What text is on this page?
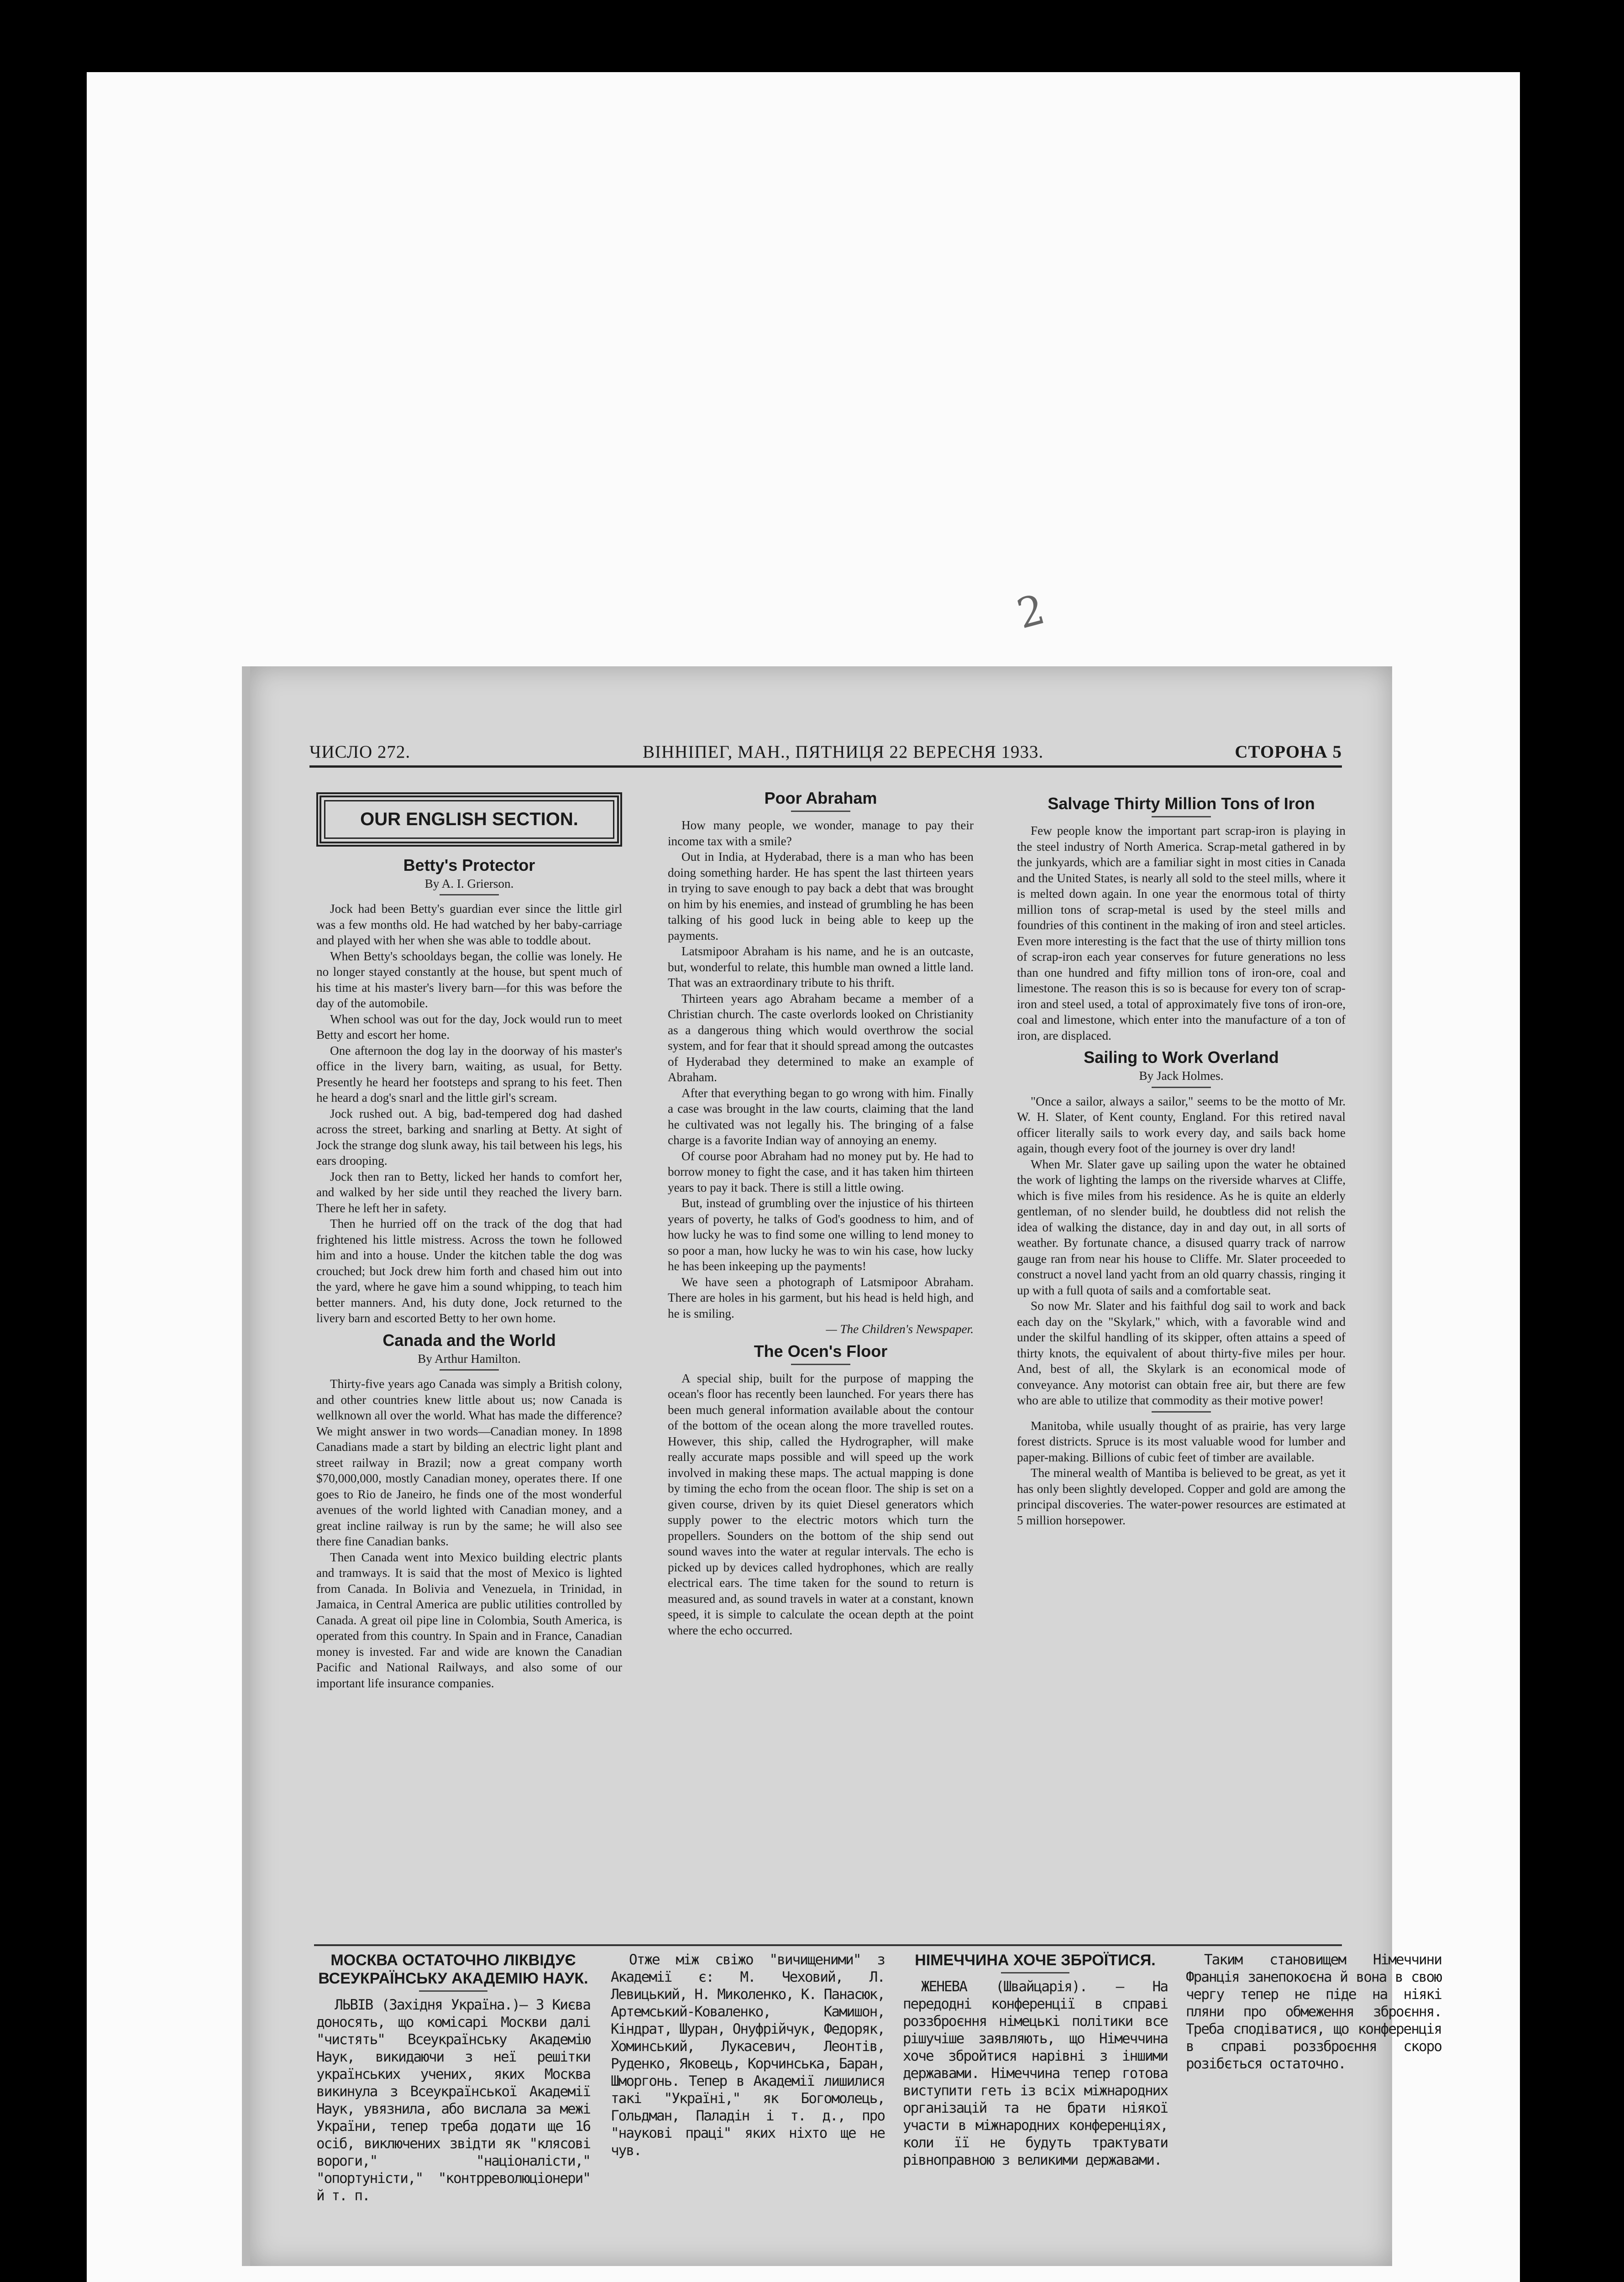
2
ЧИСЛО 272.	ВІННІПЕГ, МАН., ПЯТНИЦЯ 22 ВЕРЕСНЯ 1933.	СТОРОНА 5
OUR ENGLISH SECTION.
Betty's Protector

By A. I. Grierson.

Jock had been Betty's guardian ever since the little girl was a few months old. He had watched by her baby-carriage and played with her when she was able to toddle about.

When Betty's schooldays began, the collie was lonely. He no longer stayed constantly at the house, but spent much of his time at his master's livery barn—for this was before the day of the automobile.

When school was out for the day, Jock would run to meet Betty and escort her home.

One afternoon the dog lay in the doorway of his master's office in the livery barn, waiting, as usual, for Betty. Presently he heard her footsteps and sprang to his feet. Then he heard a dog's snarl and the little girl's scream.

Jock rushed out. A big, bad-tempered dog had dashed across the street, barking and snarling at Betty. At sight of Jock the strange dog slunk away, his tail between his legs, his ears drooping.

Jock then ran to Betty, licked her hands to comfort her, and walked by her side until they reached the livery barn. There he left her in safety.

Then he hurried off on the track of the dog that had frightened his little mistress. Across the town he followed him and into a house. Under the kitchen table the dog was crouched; but Jock drew him forth and chased him out into the yard, where he gave him a sound whipping, to teach him better manners. And, his duty done, Jock returned to the livery barn and escorted Betty to her own home.

Canada and the World

By Arthur Hamilton.

Thirty-five years ago Canada was simply a British colony, and other countries knew little about us; now Canada is wellknown all over the world. What has made the difference? We might answer in two words—Canadian money. In 1898 Canadians made a start by bilding an electric light plant and street railway in Brazil; now a great company worth $70,000,000, mostly Canadian money, operates there. If one goes to Rio de Janeiro, he finds one of the most wonderful avenues of the world lighted with Canadian money, and a great incline railway is run by the same; he will also see there fine Canadian banks.

Then Canada went into Mexico building electric plants and tramways. It is said that the most of Mexico is lighted from Canada. In Bolivia and Venezuela, in Trinidad, in Jamaica, in Central America are public utilities controlled by Canada. A great oil pipe line in Colombia, South America, is operated from this country. In Spain and in France, Canadian money is invested. Far and wide are known the Canadian Pacific and National Railways, and also some of our important life insurance companies.

Poor Abraham

How many people, we wonder, manage to pay their income tax with a smile?

Out in India, at Hyderabad, there is a man who has been doing something harder. He has spent the last thirteen years in trying to save enough to pay back a debt that was brought on him by his enemies, and instead of grumbling he has been talking of his good luck in being able to keep up the payments.

Latsmipoor Abraham is his name, and he is an outcaste, but, wonderful to relate, this humble man owned a little land. That was an extraordinary tribute to his thrift.

Thirteen years ago Abraham became a member of a Christian church. The caste overlords looked on Christianity as a dangerous thing which would overthrow the social system, and for fear that it should spread among the outcastes of Hyderabad they determined to make an example of Abraham.

After that everything began to go wrong with him. Finally a case was brought in the law courts, claiming that the land he cultivated was not legally his. The bringing of a false charge is a favorite Indian way of annoying an enemy.

Of course poor Abraham had no money put by. He had to borrow money to fight the case, and it has taken him thirteen years to pay it back. There is still a little owing.

But, instead of grumbling over the injustice of his thirteen years of poverty, he talks of God's goodness to him, and of how lucky he was to find some one willing to lend money to so poor a man, how lucky he was to win his case, how lucky he has been inkeeping up the payments!

We have seen a photograph of Latsmipoor Abraham. There are holes in his garment, but his head is held high, and he is smiling.

— The Children's Newspaper.

The Ocen's Floor

A special ship, built for the purpose of mapping the ocean's floor has recently been launched. For years there has been much general information available about the contour of the bottom of the ocean along the more travelled routes. However, this ship, called the Hydrographer, will make really accurate maps possible and will speed up the work involved in making these maps. The actual mapping is done by timing the echo from the ocean floor. The ship is set on a given course, driven by its quiet Diesel generators which supply power to the electric motors which turn the propellers. Sounders on the bottom of the ship send out sound waves into the water at regular intervals. The echo is picked up by devices called hydrophones, which are really electrical ears. The time taken for the sound to return is measured and, as sound travels in water at a constant, known speed, it is simple to calculate the ocean depth at the point where the echo occurred.

Salvage Thirty Million Tons of Iron

Few people know the important part scrap-iron is playing in the steel industry of North America. Scrap-metal gathered in by the junkyards, which are a familiar sight in most cities in Canada and the United States, is nearly all sold to the steel mills, where it is melted down again. In one year the enormous total of thirty million tons of scrap-metal is used by the steel mills and foundries of this continent in the making of iron and steel articles. Even more interesting is the fact that the use of thirty million tons of scrap-iron each year conserves for future generations no less than one hundred and fifty million tons of iron-ore, coal and limestone. The reason this is so is because for every ton of scrap-iron and steel used, a total of approximately five tons of iron-ore, coal and limestone, which enter into the manufacture of a ton of iron, are displaced.

Sailing to Work Overland

By Jack Holmes.

"Once a sailor, always a sailor," seems to be the motto of Mr. W. H. Slater, of Kent county, England. For this retired naval officer literally sails to work every day, and sails back home again, though every foot of the journey is over dry land!

When Mr. Slater gave up sailing upon the water he obtained the work of lighting the lamps on the riverside wharves at Cliffe, which is five miles from his residence. As he is quite an elderly gentleman, of no slender build, he doubtless did not relish the idea of walking the distance, day in and day out, in all sorts of weather. By fortunate chance, a disused quarry track of narrow gauge ran from near his house to Cliffe. Mr. Slater proceeded to construct a novel land yacht from an old quarry chassis, ringing it up with a full quota of sails and a comfortable seat.

So now Mr. Slater and his faithful dog sail to work and back each day on the "Skylark," which, with a favorable wind and under the skilful handling of its skipper, often attains a speed of thirty knots, the equivalent of about thirty-five miles per hour. And, best of all, the Skylark is an economical mode of conveyance. Any motorist can obtain free air, but there are few who are able to utilize that commodity as their motive power!

Manitoba, while usually thought of as prairie, has very large forest districts. Spruce is its most valuable wood for lumber and paper-making. Billions of cubic feet of timber are available.

The mineral wealth of Mantiba is believed to be great, as yet it has only been slightly developed. Copper and gold are among the principal discoveries. The water-power resources are estimated at 5 million horsepower.

МОСКВА ОСТАТОЧНО ЛІКВІДУЄ ВСЕУКРАЇНСЬКУ АКАДЕМІЮ НАУК.

ЛЬВІВ (Західня Україна.)— З Києва доносять, що комісарі Москви далі "чистять" Всеукраїнську Академію Наук, викидаючи з неї решітки українських учених, яких Москва викинула з Всеукраїнської Академії Наук, увязнила, або вислала за межі України, тепер треба додати ще 16 осіб, виключених звідти як "клясові вороги," "націоналісти," "опортуністи," "контрреволюціонери" й т. п.

Отже між свіжо "вичищеними" з Академії є: М. Чеховий, Л. Левицький, Н. Миколенко, К. Панасюк, Артемський-Коваленко, Камишон, Кіндрат, Шуран, Онуфрійчук, Федоряк, Хоминський, Лукасевич, Леонтів, Руденко, Яковець, Корчинська, Баран, Шморгонь. Тепер в Академії лишилися такі "Україні," як Богомолець, Гольдман, Паладін і т. д., про "наукові праці" яких ніхто ще не чув.

НІМЕЧЧИНА ХОЧЕ ЗБРОЇТИСЯ.

ЖЕНЕВА (Швайцарія). — На передодні конференції в справі роззброєння німецькі політики все рішучіше заявляють, що Німеччина хоче збройтися нарівні з іншими державами. Німеччина тепер готова виступити геть із всіх міжнародних організацій та не брати ніякої участи в міжнародних конференціях, коли її не будуть трактувати рівноправною з великими державами.

Таким становищем Німеччини Франція занепокоєна й вона в свою чергу тепер не піде на ніякі пляни про обмеження зброєння. Треба сподіватися, що конференція в справі роззброєння скоро розібється остаточно.
